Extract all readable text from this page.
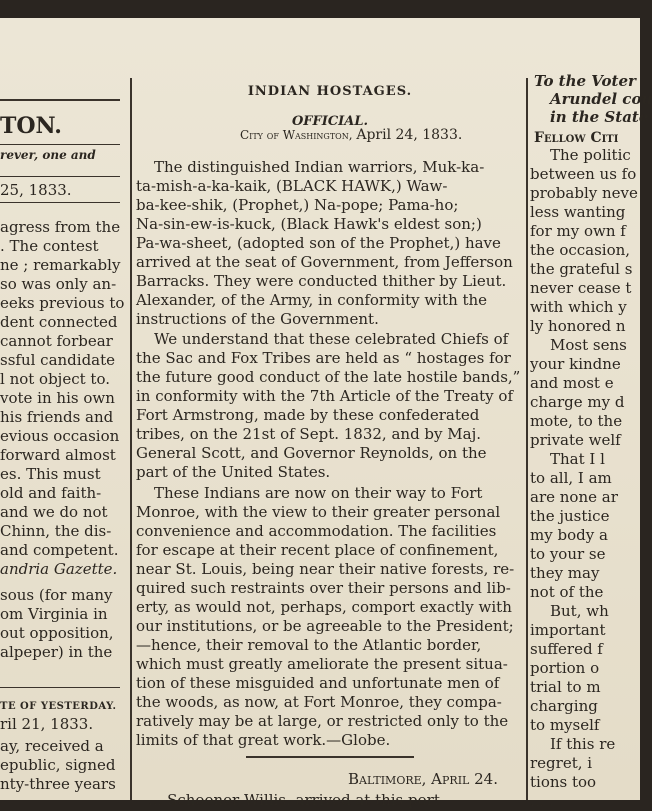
TON.
rever, one and
25, 1833.
agress from the
. The contest
ne ; remarkably
so was only an-
eeks previous to
dent connected
cannot forbear
ssful candidate
l not object to.
vote in his own
his friends and
evious occasion
forward almost
es. This must
old and faith-
and we do not
Chinn, the dis-
and competent.
andria Gazette.
sous (for many
om Virginia in
out opposition,
alpeper) in the
TE OF YESTERDAY.
ril 21, 1833.
ay, received a
epublic, signed
nty-three years
INDIAN HOSTAGES.
OFFICIAL.
City of Washington, April 24, 1833.
The distinguished Indian warriors, Muk-ka-
ta-mish-a-ka-kaik, (BLACK HAWK,) Waw-
ba-kee-shik, (Prophet,) Na-pope; Pama-ho;
Na-sin-ew-is-kuck, (Black Hawk's eldest son;)
Pa-wa-sheet, (adopted son of the Prophet,) have
arrived at the seat of Government, from Jefferson
Barracks. They were conducted thither by Lieut.
Alexander, of the Army, in conformity with the
instructions of the Government.
We understand that these celebrated Chiefs of
the Sac and Fox Tribes are held as “ hostages for
the future good conduct of the late hostile bands,”
in conformity with the 7th Article of the Treaty of
Fort Armstrong, made by these confederated
tribes, on the 21st of Sept. 1832, and by Maj.
General Scott, and Governor Reynolds, on the
part of the United States.
These Indians are now on their way to Fort
Monroe, with the view to their greater personal
convenience and accommodation. The facilities
for escape at their recent place of confinement,
near St. Louis, being near their native forests, re-
quired such restraints over their persons and lib-
erty, as would not, perhaps, comport exactly with
our institutions, or be agreeable to the President;
—hence, their removal to the Atlantic border,
which must greatly ameliorate the present situa-
tion of these misguided and unfortunate men of
the woods, as now, at Fort Monroe, they compa-
ratively may be at large, or restricted only to the
limits of that great work.—Globe.
Baltimore, April 24.
... Schooner Willis, arrived at this port
To the Voter
Arundel cou
in the State
Fellow Citi
The politic
between us fo
probably neve
less wanting
for my own f
the occasion,
the grateful s
never cease t
with which y
ly honored n
Most sens
your kindne
and most e
charge my d
mote, to the
private welf
That I l
to all, I am
are none ar
the justice
my body a
to your se
they may
not of the
But, wh
important
suffered f
portion o
trial to m
charging
to myself
If this re
regret, i
tions too
... .
